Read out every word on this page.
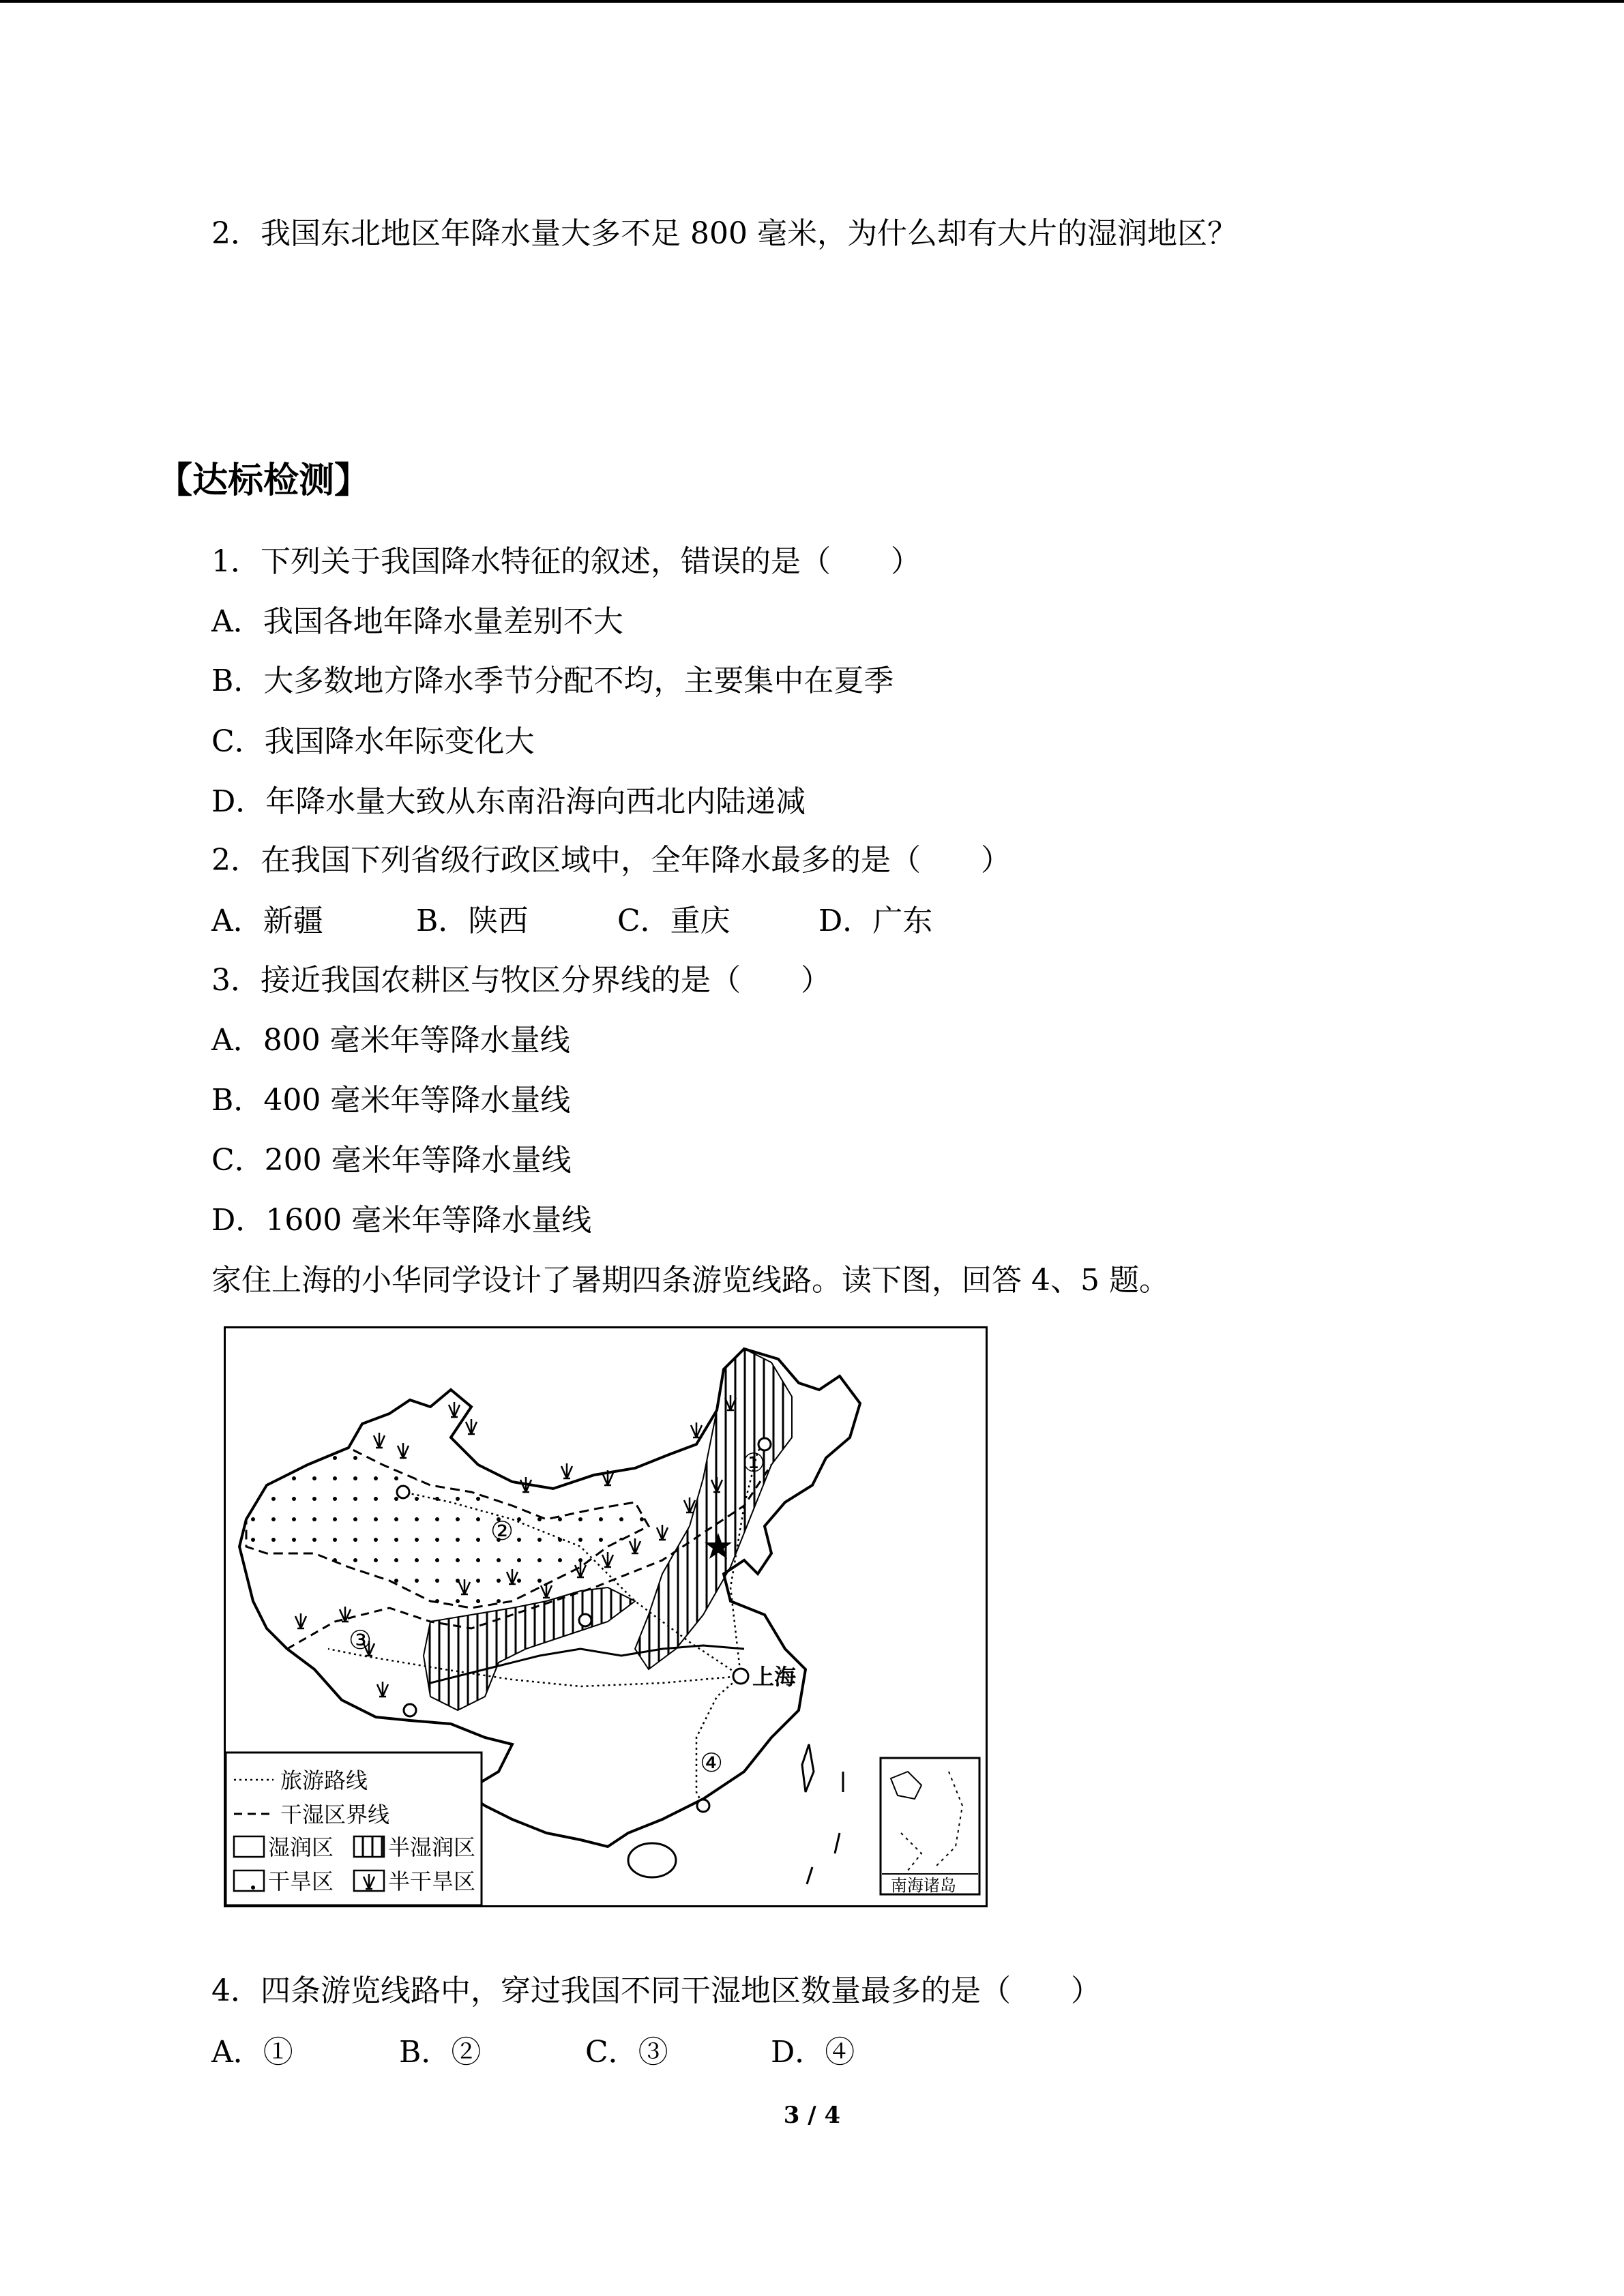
2．我国东北地区年降水量大多不足 800 毫米，为什么却有大片的湿润地区？
【达标检测】
1．下列关于我国降水特征的叙述，错误的是（　　）
A．我国各地年降水量差别不大
B．大多数地方降水季节分配不均，主要集中在夏季
C．我国降水年际变化大
D．年降水量大致从东南沿海向西北内陆递减
2．在我国下列省级行政区域中，全年降水最多的是（　　）
A．新疆	B．陕西	C．重庆	D．广东
3．接近我国农耕区与牧区分界线的是（　　）
A．800 毫米年等降水量线
B．400 毫米年等降水量线
C．200 毫米年等降水量线
D．1600 毫米年等降水量线
家住上海的小华同学设计了暑期四条游览线路。读下图，回答 4、5 题。
①
②
③
④
上海
南海诸岛
旅游路线
干湿区界线
湿润区 半湿润区
干旱区 半干旱区
4．四条游览线路中，穿过我国不同干湿地区数量最多的是（　　）
A．①	B．②	C．③	D．④
3 / 4
